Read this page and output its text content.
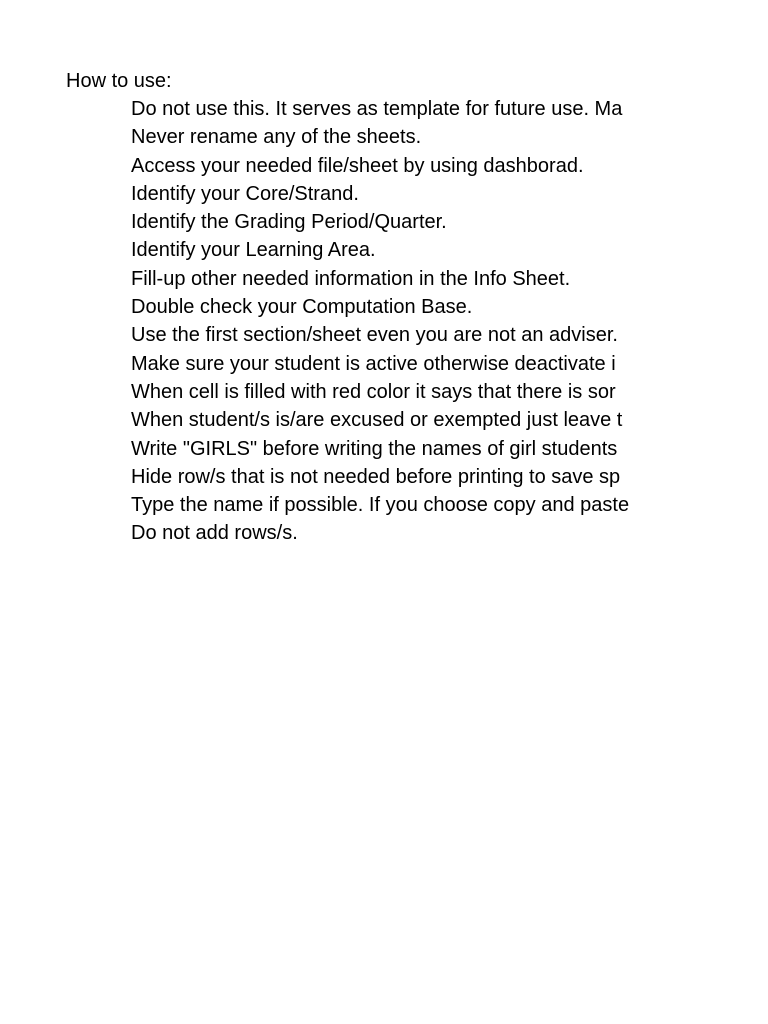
How to use:
Do not use this. It serves as template for future use. Ma
Never rename any of the sheets.
Access your needed file/sheet by using dashborad.
Identify your Core/Strand.
Identify the Grading Period/Quarter.
Identify your Learning Area.
Fill-up other needed information in the Info Sheet.
Double check your Computation Base.
Use the first section/sheet even you are not an adviser.
Make sure your student is active otherwise deactivate i
When cell is filled with red color it says that there is sor
When student/s is/are excused or exempted just leave t
Write "GIRLS" before writing the names of girl students
Hide row/s that is not needed before printing to save sp
Type the name if possible. If you choose copy and paste
Do not add rows/s.
